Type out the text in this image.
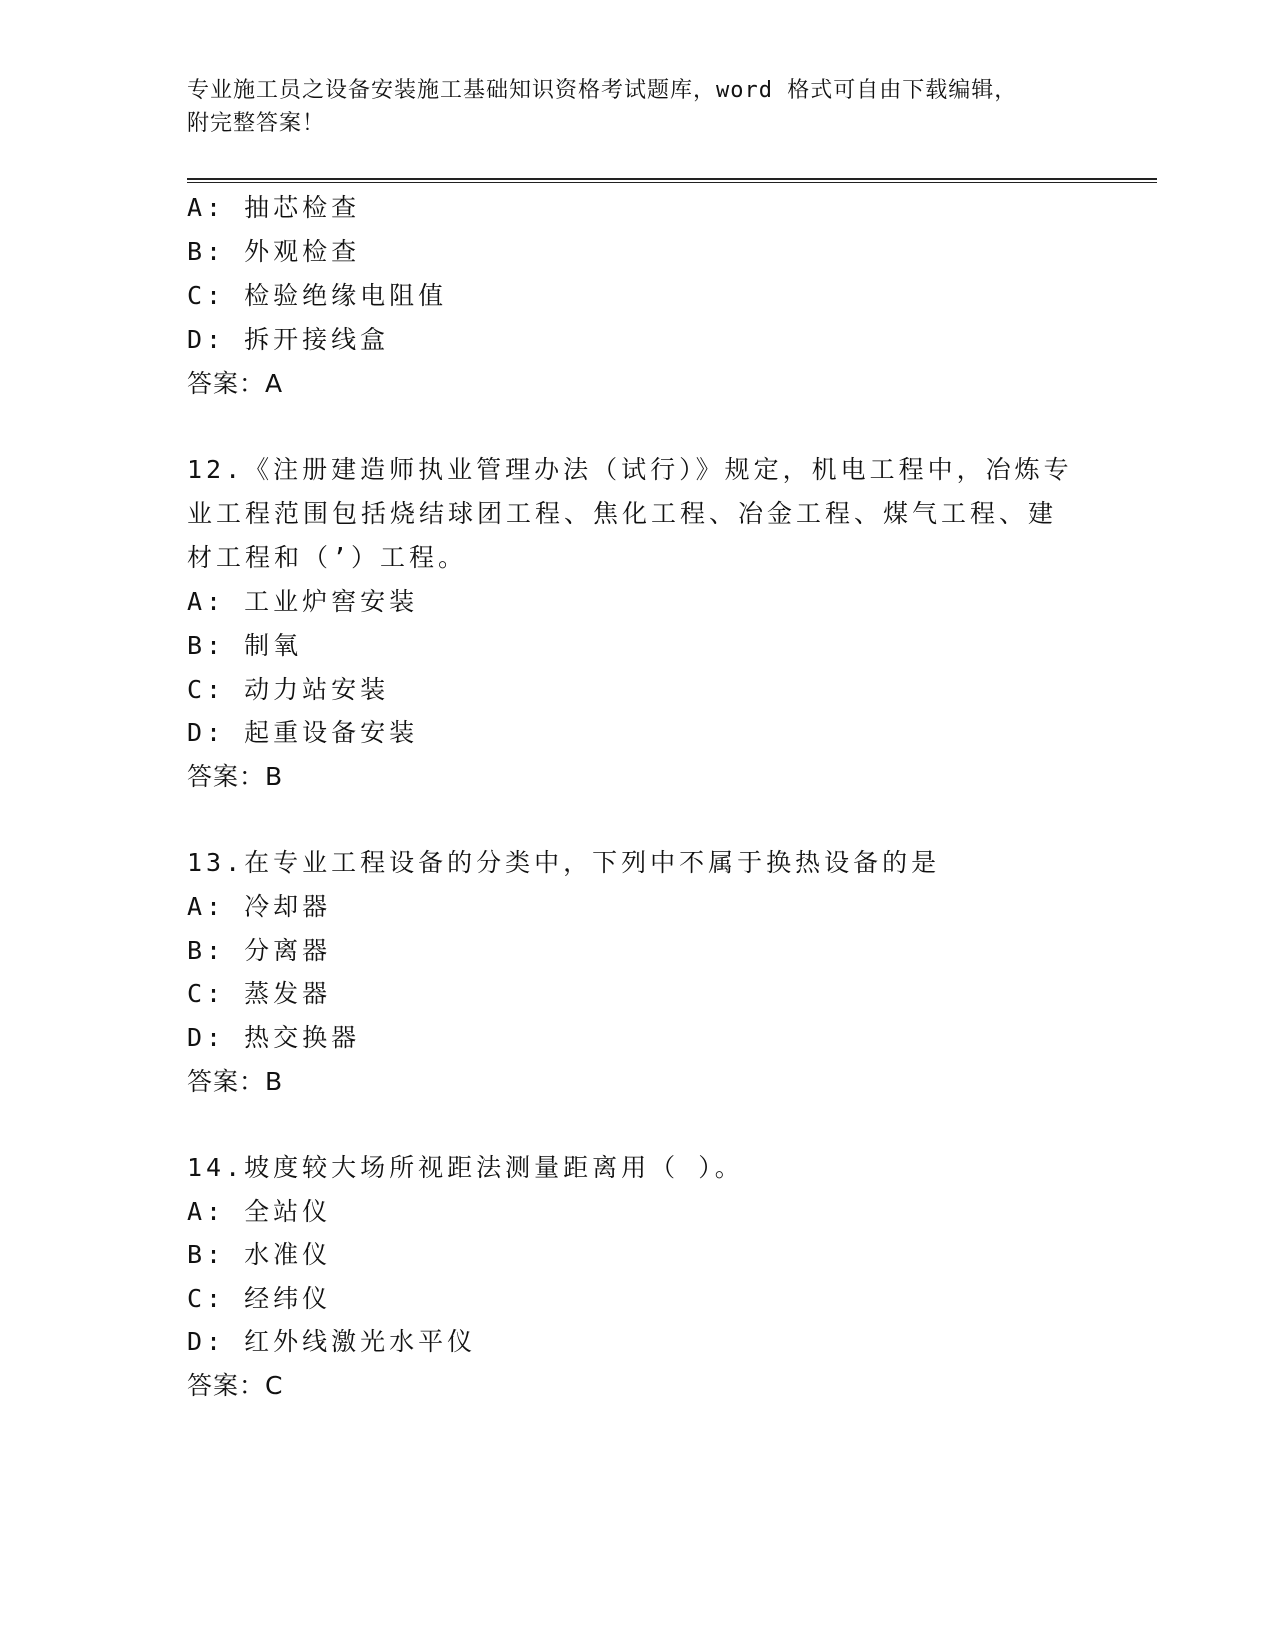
专业施工员之设备安装施工基础知识资格考试题库，word 格式可自由下载编辑，
附完整答案！
A: 抽芯检查
B: 外观检查
C: 检验绝缘电阻值
D: 拆开接线盒
答案：A
12.《注册建造师执业管理办法（试行）》规定，机电工程中，冶炼专
业工程范围包括烧结球团工程、焦化工程、冶金工程、煤气工程、建
材工程和（’）工程。
A: 工业炉窖安装
B: 制氧
C: 动力站安装
D: 起重设备安装
答案：B
13.在专业工程设备的分类中，下列中不属于换热设备的是
A: 冷却器
B: 分离器
C: 蒸发器
D: 热交换器
答案：B
14.坡度较大场所视距法测量距离用（ ）。
A: 全站仪
B: 水准仪
C: 经纬仪
D: 红外线激光水平仪
答案：C
